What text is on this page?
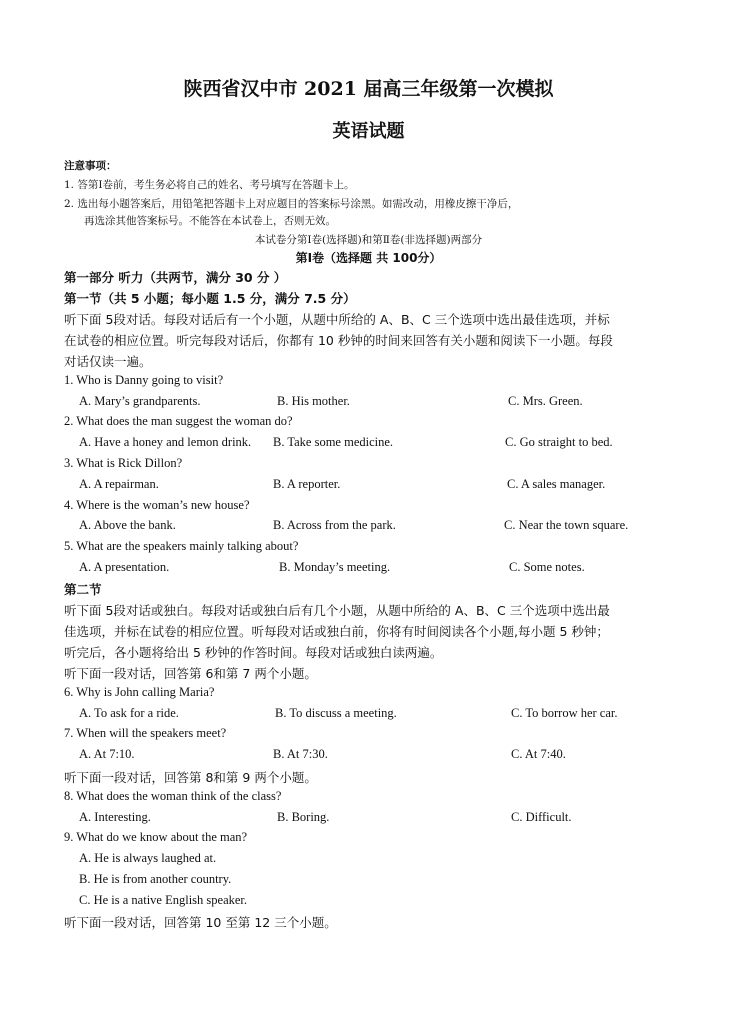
陕西省汉中市 2021 届高三年级第一次模拟
英语试题
注意事项：
1. 答第Ⅰ卷前，考生务必将自己的姓名、考号填写在答题卡上。
2. 选出每小题答案后，用铅笔把答题卡上对应题目的答案标号涂黑。如需改动，用橡皮擦干净后，
再选涂其他答案标号。不能答在本试卷上，否则无效。
本试卷分第Ⅰ卷(选择题)和第Ⅱ卷(非选择题)两部分
第Ⅰ卷（选择题 共 100分）
第一部分 听力（共两节，满分 30 分 ）
第一节（共 5 小题；每小题 1.5 分，满分 7.5 分）
听下面 5段对话。每段对话后有一个小题，从题中所给的 A、B、C 三个选项中选出最佳选项，并标
在试卷的相应位置。听完每段对话后，你都有 10 秒钟的时间来回答有关小题和阅读下一小题。每段
对话仅读一遍。
1. Who is Danny going to visit?
A. Mary’s grandparents.	B. His mother.	C. Mrs. Green.
2. What does the man suggest the woman do?
A. Have a honey and lemon drink. B. Take some medicine.	C. Go straight to bed.
3. What is Rick Dillon?
A. A repairman.	B. A reporter.	C. A sales manager.
4. Where is the woman’s new house?
A. Above the bank.	B. Across from the park.	C. Near the town square.
5. What are the speakers mainly talking about?
A. A presentation.	B. Monday’s meeting.	C. Some notes.
第二节
听下面 5段对话或独白。每段对话或独白后有几个小题，从题中所给的 A、B、C 三个选项中选出最
佳选项，并标在试卷的相应位置。听每段对话或独白前，你将有时间阅读各个小题,每小题 5 秒钟；
听完后，各小题将给出 5 秒钟的作答时间。每段对话或独白读两遍。
听下面一段对话，回答第 6和第 7 两个小题。
6. Why is John calling Maria?
A. To ask for a ride.	B. To discuss a meeting.	C. To borrow her car.
7. When will the speakers meet?
A. At 7:10.	B. At 7:30.	C. At 7:40.
听下面一段对话，回答第 8和第 9 两个小题。
8. What does the woman think of the class?
A. Interesting.	B. Boring.	C. Difficult.
9. What do we know about the man?
A. He is always laughed at.
B. He is from another country.
C. He is a native English speaker.
听下面一段对话，回答第 10 至第 12 三个小题。
